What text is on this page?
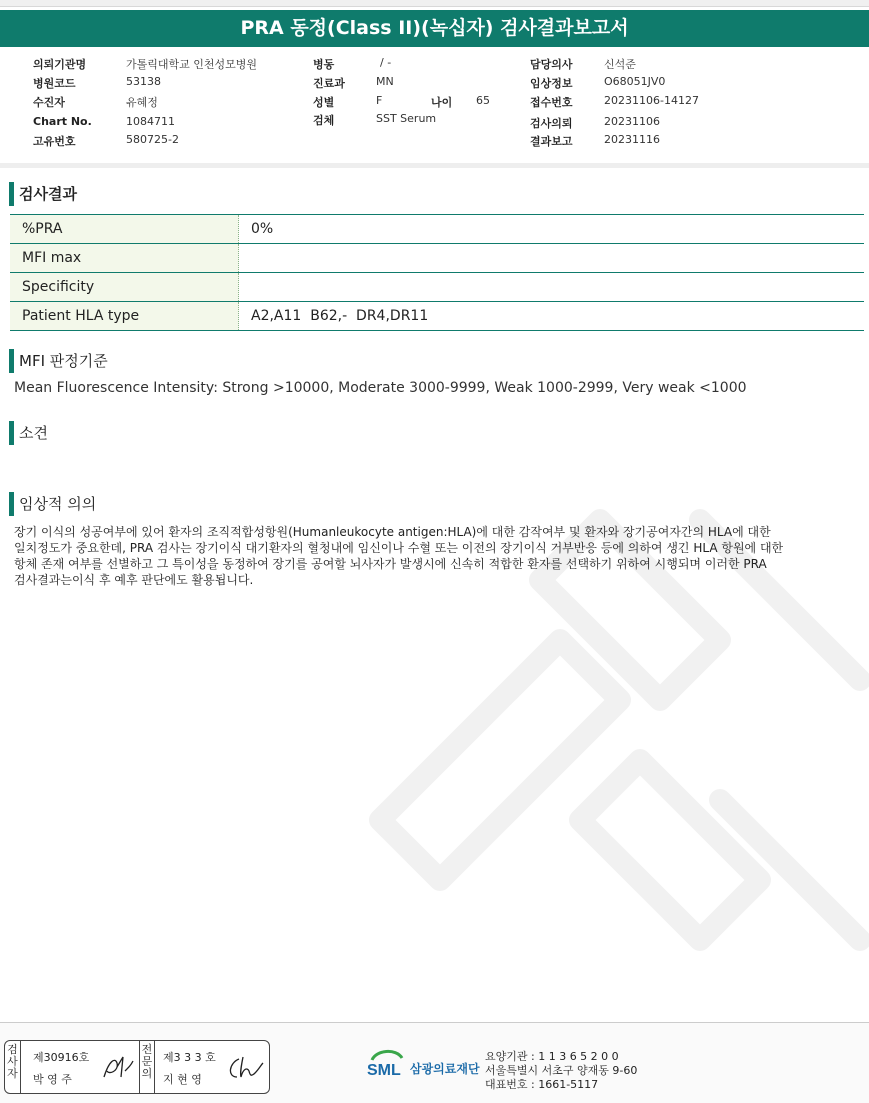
PRA 동정(Class II)(녹십자) 검사결과보고서
의뢰기관명	가톨릭대학교 인천성모병원
병원코드	53138
수진자	유혜정
Chart No.	1084711
고유번호	580725-2
병동	/ -
진료과	MN
성별	F	나이 65
검체	SST Serum
담당의사	신석준
임상정보	O68051JV0
접수번호	20231106-14127
검사의뢰	20231106
결과보고	20231116
검사결과
%PRA	0%
MFI max	
Specificity	
Patient HLA type	A2,A11  B62,-  DR4,DR11
MFI 판정기준
Mean Fluorescence Intensity: Strong >10000, Moderate 3000-9999, Weak 1000-2999, Very weak <1000
소견
임상적 의의
장기 이식의 성공여부에 있어 환자의 조직적합성항원(Humanleukocyte antigen:HLA)에 대한 감작여부 및 환자와 장기공여자간의 HLA에 대한
일치정도가 중요한데, PRA 검사는 장기이식 대기환자의 혈청내에 임신이나 수혈 또는 이전의 장기이식 거부반응 등에 의하여 생긴 HLA 항원에 대한
항체 존재 여부를 선별하고 그 특이성을 동정하여 장기를 공여할 뇌사자가 발생시에 신속히 적합한 환자를 선택하기 위하여 시행되며 이러한 PRA
검사결과는이식 후 예후 판단에도 활용됩니다.
검
사
자
제30916호
박 영 주
전
문
의
제3 3 3 호
지 현 영
SML 삼광의료재단
요양기관 : 1 1 3 6 5 2 0 0
서울특별시 서초구 양재동 9-60
대표번호 : 1661-5117
